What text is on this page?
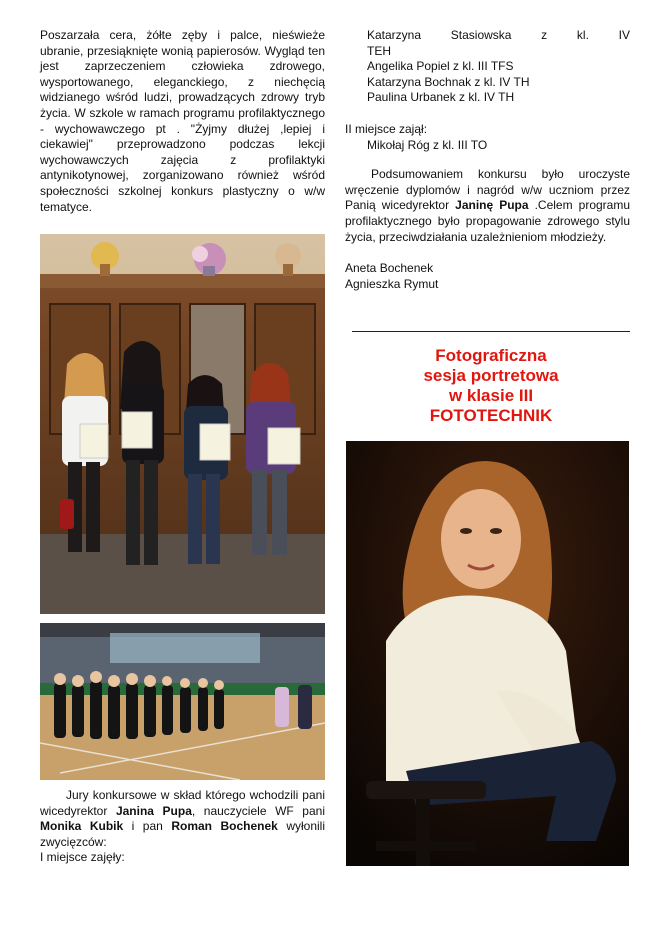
Poszarzała cera, żółte zęby i palce, nieświeże ubranie, przesiąknięte wonią papierosów. Wygląd ten jest zaprzeczeniem człowieka zdrowego, wysportowanego, eleganckiego, z niechęcią widzianego wśród ludzi, prowadzących zdrowy tryb życia. W szkole w ramach programu profilaktycznego - wychowawczego pt . "Żyjmy dłużej ,lepiej i ciekawiej" przeprowadzono podczas lekcji wychowawczych zajęcia z profilaktyki antynikotynowej, zorganizowano również wśród społeczności szkolnej konkurs plastyczny o w/w tematyce.

Jury konkursowe w skład którego wchodzili pani wicedyrektor Janina Pupa, nauczyciele WF pani Monika Kubik i pan Roman Bochenek wyłonili zwycięzców:

I miejsce zajęły:

Katarzyna Stasiowska z kl. IV TEH

Angelika Popiel z kl. III TFS

Katarzyna Bochnak z kl. IV TH

Paulina Urbanek z kl. IV TH

II miejsce zajął:

Mikołaj Róg z kl. III TO

Podsumowaniem konkursu było uroczyste wręczenie dyplomów i nagród w/w uczniom przez Panią wicedyrektor Janinę Pupa .Celem programu profilaktycznego było propagowanie zdrowego stylu życia, przeciwdziałania uzależnieniom młodzieży.

Aneta Bochenek

Agnieszka Rymut

Fotograficzna
sesja portretowa
w klasie III
FOTOTECHNIK
